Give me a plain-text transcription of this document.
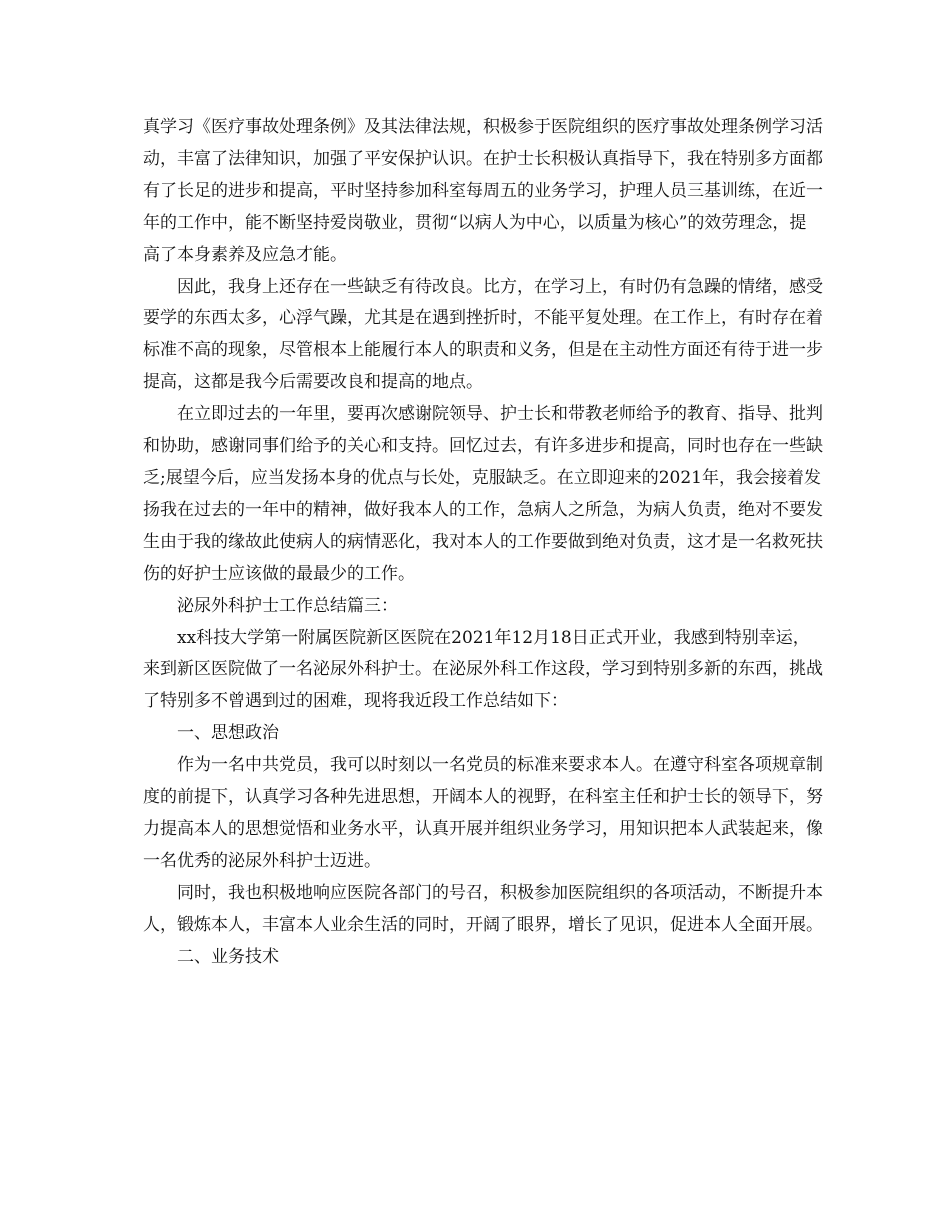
真学习《医疗事故处理条例》及其法律法规，积极参于医院组织的医疗事故处理条例学习活动，丰富了法律知识，加强了平安保护认识。在护士长积极认真指导下，我在特别多方面都有了长足的进步和提高，平时坚持参加科室每周五的业务学习，护理人员三基训练，在近一年的工作中，能不断坚持爱岗敬业，贯彻“以病人为中心，以质量为核心”的效劳理念，提高了本身素养及应急才能。

因此，我身上还存在一些缺乏有待改良。比方，在学习上，有时仍有急躁的情绪，感受要学的东西太多，心浮气躁，尤其是在遇到挫折时，不能平复处理。在工作上，有时存在着标准不高的现象，尽管根本上能履行本人的职责和义务，但是在主动性方面还有待于进一步提高，这都是我今后需要改良和提高的地点。

在立即过去的一年里，要再次感谢院领导、护士长和带教老师给予的教育、指导、批判和协助，感谢同事们给予的关心和支持。回忆过去，有许多进步和提高，同时也存在一些缺乏;展望今后，应当发扬本身的优点与长处，克服缺乏。在立即迎来的2021年，我会接着发扬我在过去的一年中的精神，做好我本人的工作，急病人之所急，为病人负责，绝对不要发生由于我的缘故此使病人的病情恶化，我对本人的工作要做到绝对负责，这才是一名救死扶伤的好护士应该做的最最少的工作。

泌尿外科护士工作总结篇三：

xx科技大学第一附属医院新区医院在2021年12月18日正式开业，我感到特别幸运，来到新区医院做了一名泌尿外科护士。在泌尿外科工作这段，学习到特别多新的东西，挑战了特别多不曾遇到过的困难，现将我近段工作总结如下：

一、思想政治

作为一名中共党员，我可以时刻以一名党员的标准来要求本人。在遵守科室各项规章制度的前提下，认真学习各种先进思想，开阔本人的视野，在科室主任和护士长的领导下，努力提高本人的思想觉悟和业务水平，认真开展并组织业务学习，用知识把本人武装起来，像一名优秀的泌尿外科护士迈进。

同时，我也积极地响应医院各部门的号召，积极参加医院组织的各项活动，不断提升本人，锻炼本人，丰富本人业余生活的同时，开阔了眼界，增长了见识，促进本人全面开展。

二、业务技术
